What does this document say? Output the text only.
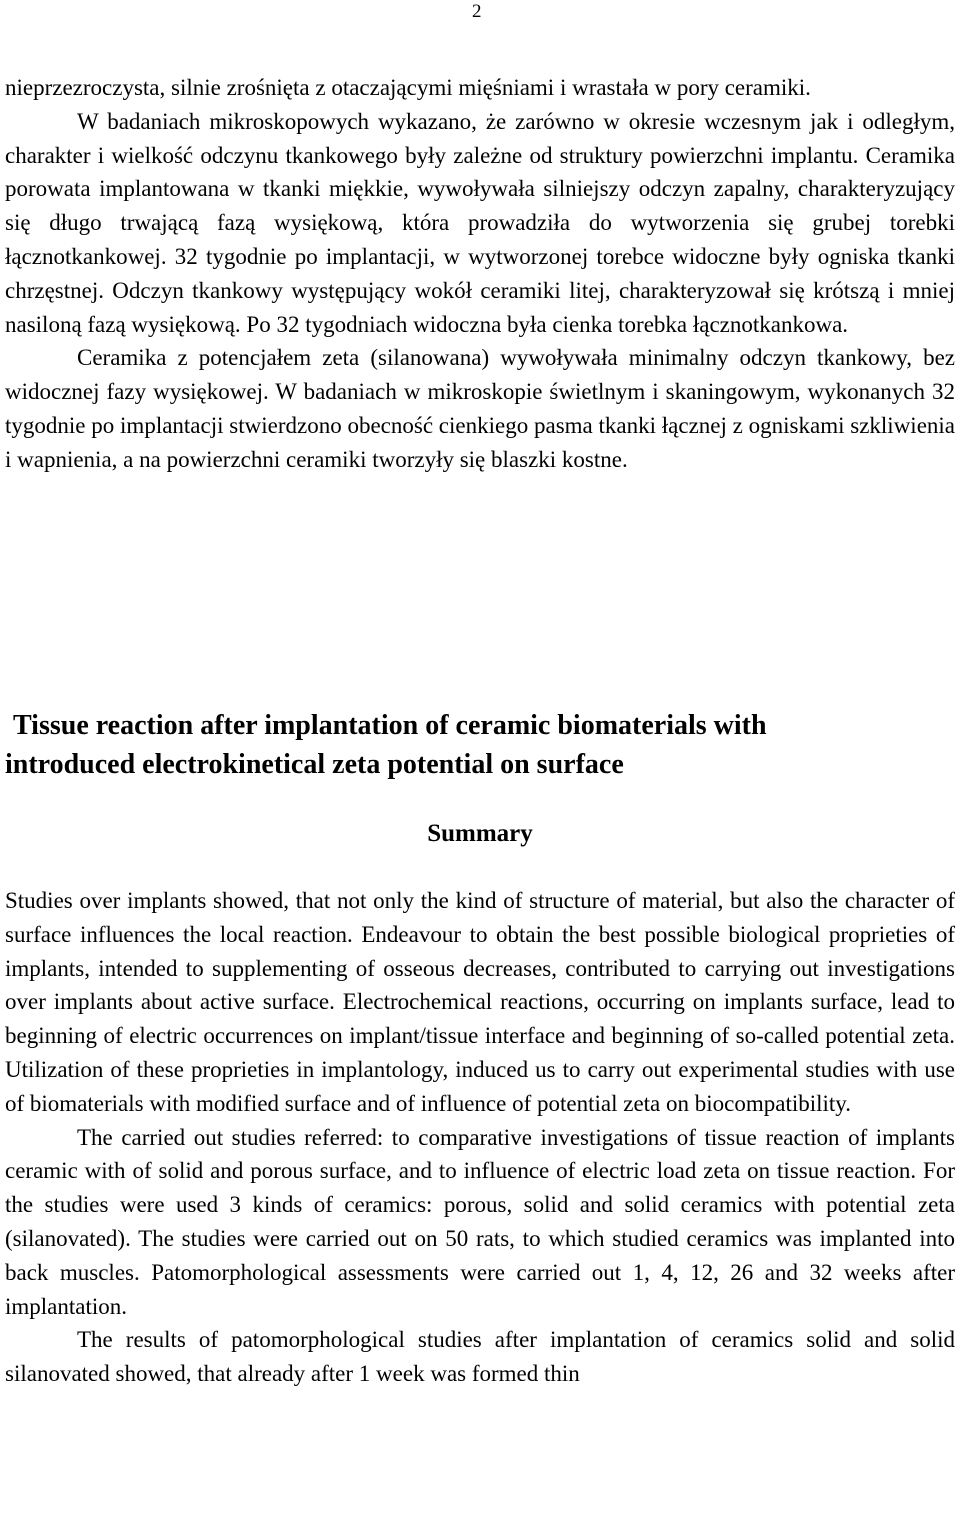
2

nieprzezroczysta, silnie zrośnięta z otaczającymi mięśniami i wrastała w pory ceramiki.

W badaniach mikroskopowych wykazano, że zarówno w okresie wczesnym jak i odległym, charakter i wielkość odczynu tkankowego były zależne od struktury powierzchni implantu. Ceramika porowata implantowana w tkanki miękkie, wywoływała silniejszy odczyn zapalny, charakteryzujący się długo trwającą fazą wysiękową, która prowadziła do wytworzenia się grubej torebki łącznotkankowej. 32 tygodnie po implantacji, w wytworzonej torebce widoczne były ogniska tkanki chrzęstnej. Odczyn tkankowy występujący wokół ceramiki litej, charakteryzował się krótszą i mniej nasiloną fazą wysiękową. Po 32 tygodniach widoczna była cienka torebka łącznotkankowa.

Ceramika z potencjałem zeta (silanowana) wywoływała minimalny odczyn tkankowy, bez widocznej fazy wysiękowej. W badaniach w mikroskopie świetlnym i skaningowym, wykonanych 32 tygodnie po implantacji stwierdzono obecność cienkiego pasma tkanki łącznej z ogniskami szkliwienia i wapnienia, a na powierzchni ceramiki tworzyły się blaszki kostne.

Tissue reaction after implantation of ceramic biomaterials with
introduced electrokinetical zeta potential on surface
Summary

Studies over implants showed, that not only the kind of structure of material, but also the character of surface influences the local reaction. Endeavour to obtain the best possible biological proprieties of implants, intended to supplementing of osseous decreases, contributed to carrying out investigations over implants about active surface. Electrochemical reactions, occurring on implants surface, lead to beginning of electric occurrences on implant/tissue interface and beginning of so-called potential zeta. Utilization of these proprieties in implantology, induced us to carry out experimental studies with use of biomaterials with modified surface and of influence of potential zeta on biocompatibility.

The carried out studies referred: to comparative investigations of tissue reaction of implants ceramic with of solid and porous surface, and to influence of electric load zeta on tissue reaction. For the studies were used 3 kinds of ceramics: porous, solid and solid ceramics with potential zeta (silanovated). The studies were carried out on 50 rats, to which studied ceramics was implanted into back muscles. Patomorphological assessments were carried out 1, 4, 12, 26 and 32 weeks after implantation.

The results of patomorphological studies after implantation of ceramics solid and solid silanovated showed, that already after 1 week was formed thin
